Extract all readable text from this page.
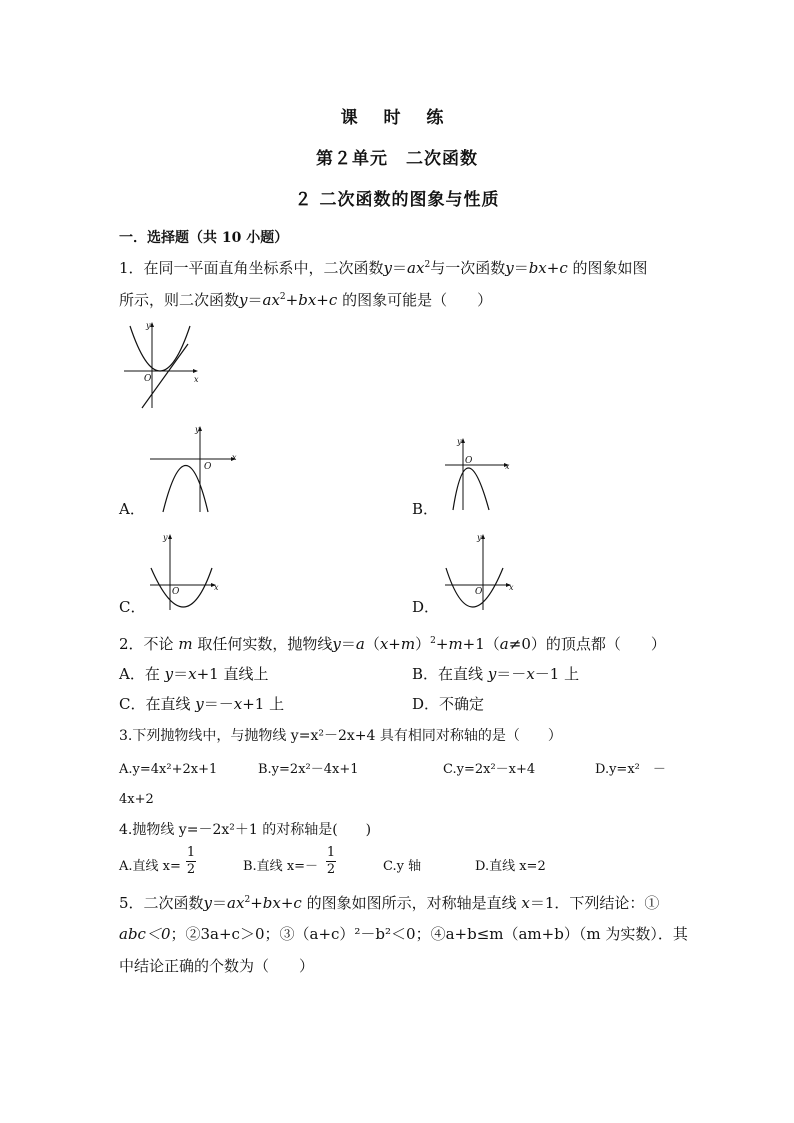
课 时 练
第２单元　二次函数
２ 二次函数的图象与性质
一．选择题（共 10 小题）
1．在同一平面直角坐标系中，二次函数$y=ax^2$与一次函数y＝bx+c 的图象如图
所示，则二次函数$y=ax^2+bx+c$ 的图象可能是（　　）
y
x
O
y
x
O
A．
y
x
O
B．
y
x
O
C．
y
x
O
D．
2．不论 m 取任何实数，抛物线$y=a(x+m)^2+m+1(a\ne 0)$的顶点都（　　）
A．在 y＝x+1 直线上	B．在直线 y＝－x－1 上
C．在直线 y＝－x+1 上	D．不确定
3.下列抛物线中，与抛物线 y=x²－2x+4 具有相同对称轴的是（　　）
A.y=4x²+2x+1	B.y=2x²－4x+1	C.y=2x²－x+4	D.y=x²　－
4x+2
4.抛物线 y=－2x²＋1 的对称轴是(　　)
A.直线 x=
1
2	B.直线 x=－
1
2	C.y 轴	D.直线 x=2
5．二次函数$y=ax^2+bx+c$ 的图象如图所示，对称轴是直线 x＝1．下列结论：①
abc＜0；②3a+c＞0；③（a+c）²－b²＜0；④a+b≤m（am+b）（m 为实数）．其
中结论正确的个数为（　　）
